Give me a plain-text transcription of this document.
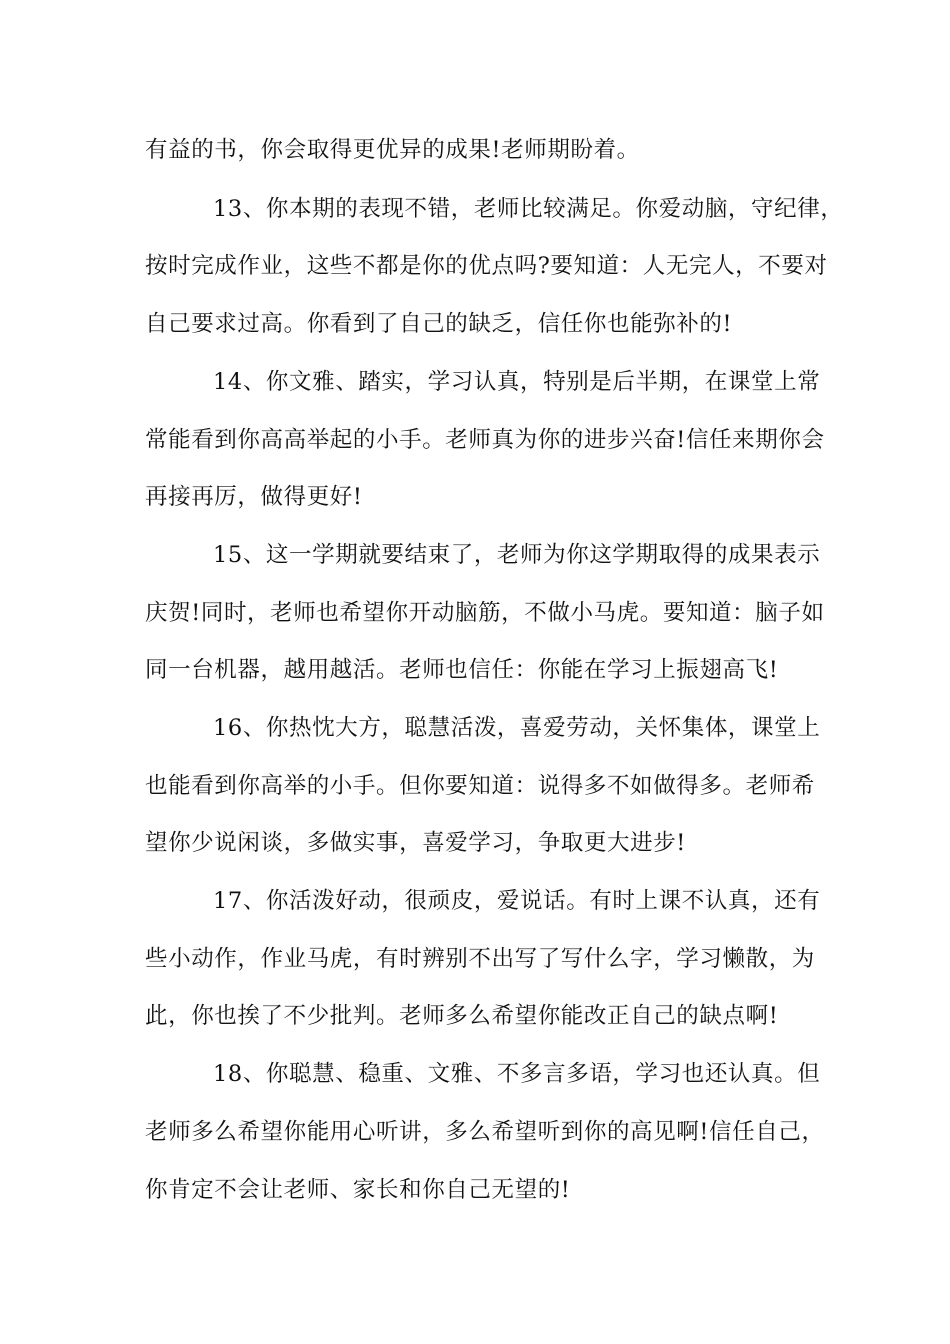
有益的书，你会取得更优异的成果!老师期盼着。
13、你本期的表现不错，老师比较满足。你爱动脑，守纪律，
按时完成作业，这些不都是你的优点吗?要知道：人无完人，不要对
自己要求过高。你看到了自己的缺乏，信任你也能弥补的!
14、你文雅、踏实，学习认真，特别是后半期，在课堂上常
常能看到你高高举起的小手。老师真为你的进步兴奋!信任来期你会
再接再厉，做得更好!
15、这一学期就要结束了，老师为你这学期取得的成果表示
庆贺!同时，老师也希望你开动脑筋，不做小马虎。要知道：脑子如
同一台机器，越用越活。老师也信任：你能在学习上振翅高飞!
16、你热忱大方，聪慧活泼，喜爱劳动，关怀集体，课堂上
也能看到你高举的小手。但你要知道：说得多不如做得多。老师希
望你少说闲谈，多做实事，喜爱学习，争取更大进步!
17、你活泼好动，很顽皮，爱说话。有时上课不认真，还有
些小动作，作业马虎，有时辨别不出写了写什么字，学习懒散，为
此，你也挨了不少批判。老师多么希望你能改正自己的缺点啊!
18、你聪慧、稳重、文雅、不多言多语，学习也还认真。但
老师多么希望你能用心听讲，多么希望听到你的高见啊!信任自己，
你肯定不会让老师、家长和你自己无望的!
